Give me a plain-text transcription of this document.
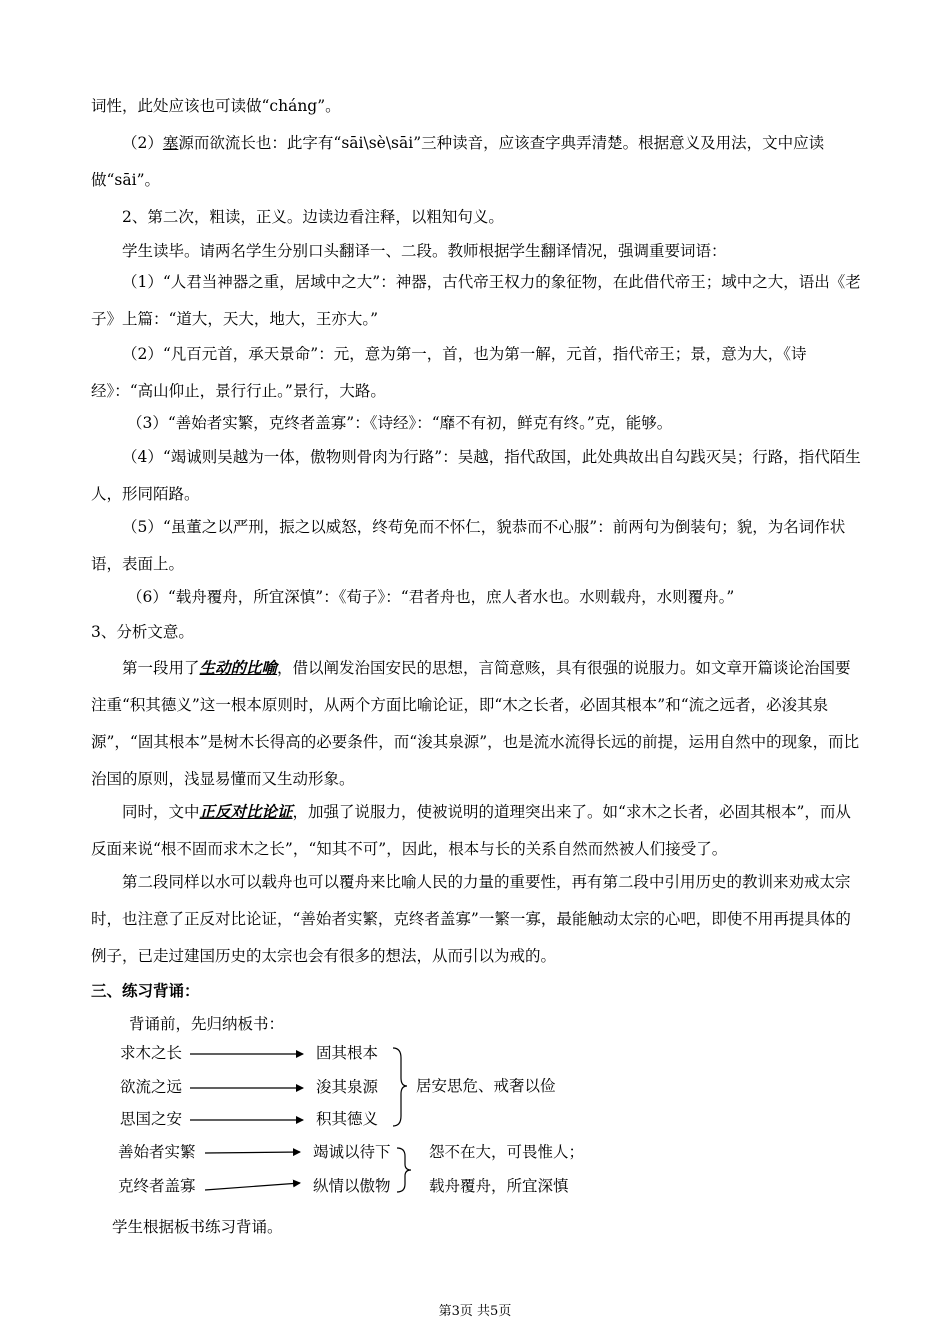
词性，此处应该也可读做“cháng”。
（2）塞源而欲流长也：此字有“sāi\sè\sāi”三种读音，应该查字典弄清楚。根据意义及用法，文中应读做“sāi”。
2、第二次，粗读，正义。边读边看注释，以粗知句义。
学生读毕。请两名学生分别口头翻译一、二段。教师根据学生翻译情况，强调重要词语：
（1）“人君当神器之重，居域中之大”：神器，古代帝王权力的象征物，在此借代帝王；域中之大，语出《老子》上篇：“道大，天大，地大，王亦大。”
（2）“凡百元首，承天景命”：元，意为第一，首，也为第一解，元首，指代帝王；景，意为大，《诗经》：“高山仰止，景行行止。”景行，大路。
（3）“善始者实繁，克终者盖寡”：《诗经》：“靡不有初，鲜克有终。”克，能够。
（4）“竭诚则吴越为一体，傲物则骨肉为行路”：吴越，指代敌国，此处典故出自勾践灭吴；行路，指代陌生人，形同陌路。
（5）“虽董之以严刑，振之以威怒，终苟免而不怀仁，貌恭而不心服”：前两句为倒装句；貌，为名词作状语，表面上。
（6）“载舟覆舟，所宜深慎”：《荀子》：“君者舟也，庶人者水也。水则载舟，水则覆舟。”
3、分析文意。
第一段用了生动的比喻，借以阐发治国安民的思想，言简意赅，具有很强的说服力。如文章开篇谈论治国要注重“积其德义”这一根本原则时，从两个方面比喻论证，即“木之长者，必固其根本”和“流之远者，必浚其泉源”，“固其根本”是树木长得高的必要条件，而“浚其泉源”，也是流水流得长远的前提，运用自然中的现象，而比治国的原则，浅显易懂而又生动形象。
同时，文中正反对比论证，加强了说服力，使被说明的道理突出来了。如“求木之长者，必固其根本”，而从反面来说“根不固而求木之长”，“知其不可”，因此，根本与长的关系自然而然被人们接受了。
第二段同样以水可以载舟也可以覆舟来比喻人民的力量的重要性，再有第二段中引用历史的教训来劝戒太宗时，也注意了正反对比论证，“善始者实繁，克终者盖寡”一繁一寡，最能触动太宗的心吧，即使不用再提具体的例子，已走过建国历史的太宗也会有很多的想法，从而引以为戒的。
三、练习背诵：
背诵前，先归纳板书：
求木之长
欲流之远
思国之安
固其根本
浚其泉源
积其德义
居安思危、戒奢以俭
善始者实繁
克终者盖寡
竭诚以待下
纵情以傲物
怨不在大，可畏惟人；
载舟覆舟，所宜深慎
学生根据板书练习背诵。
第3页 共5页
